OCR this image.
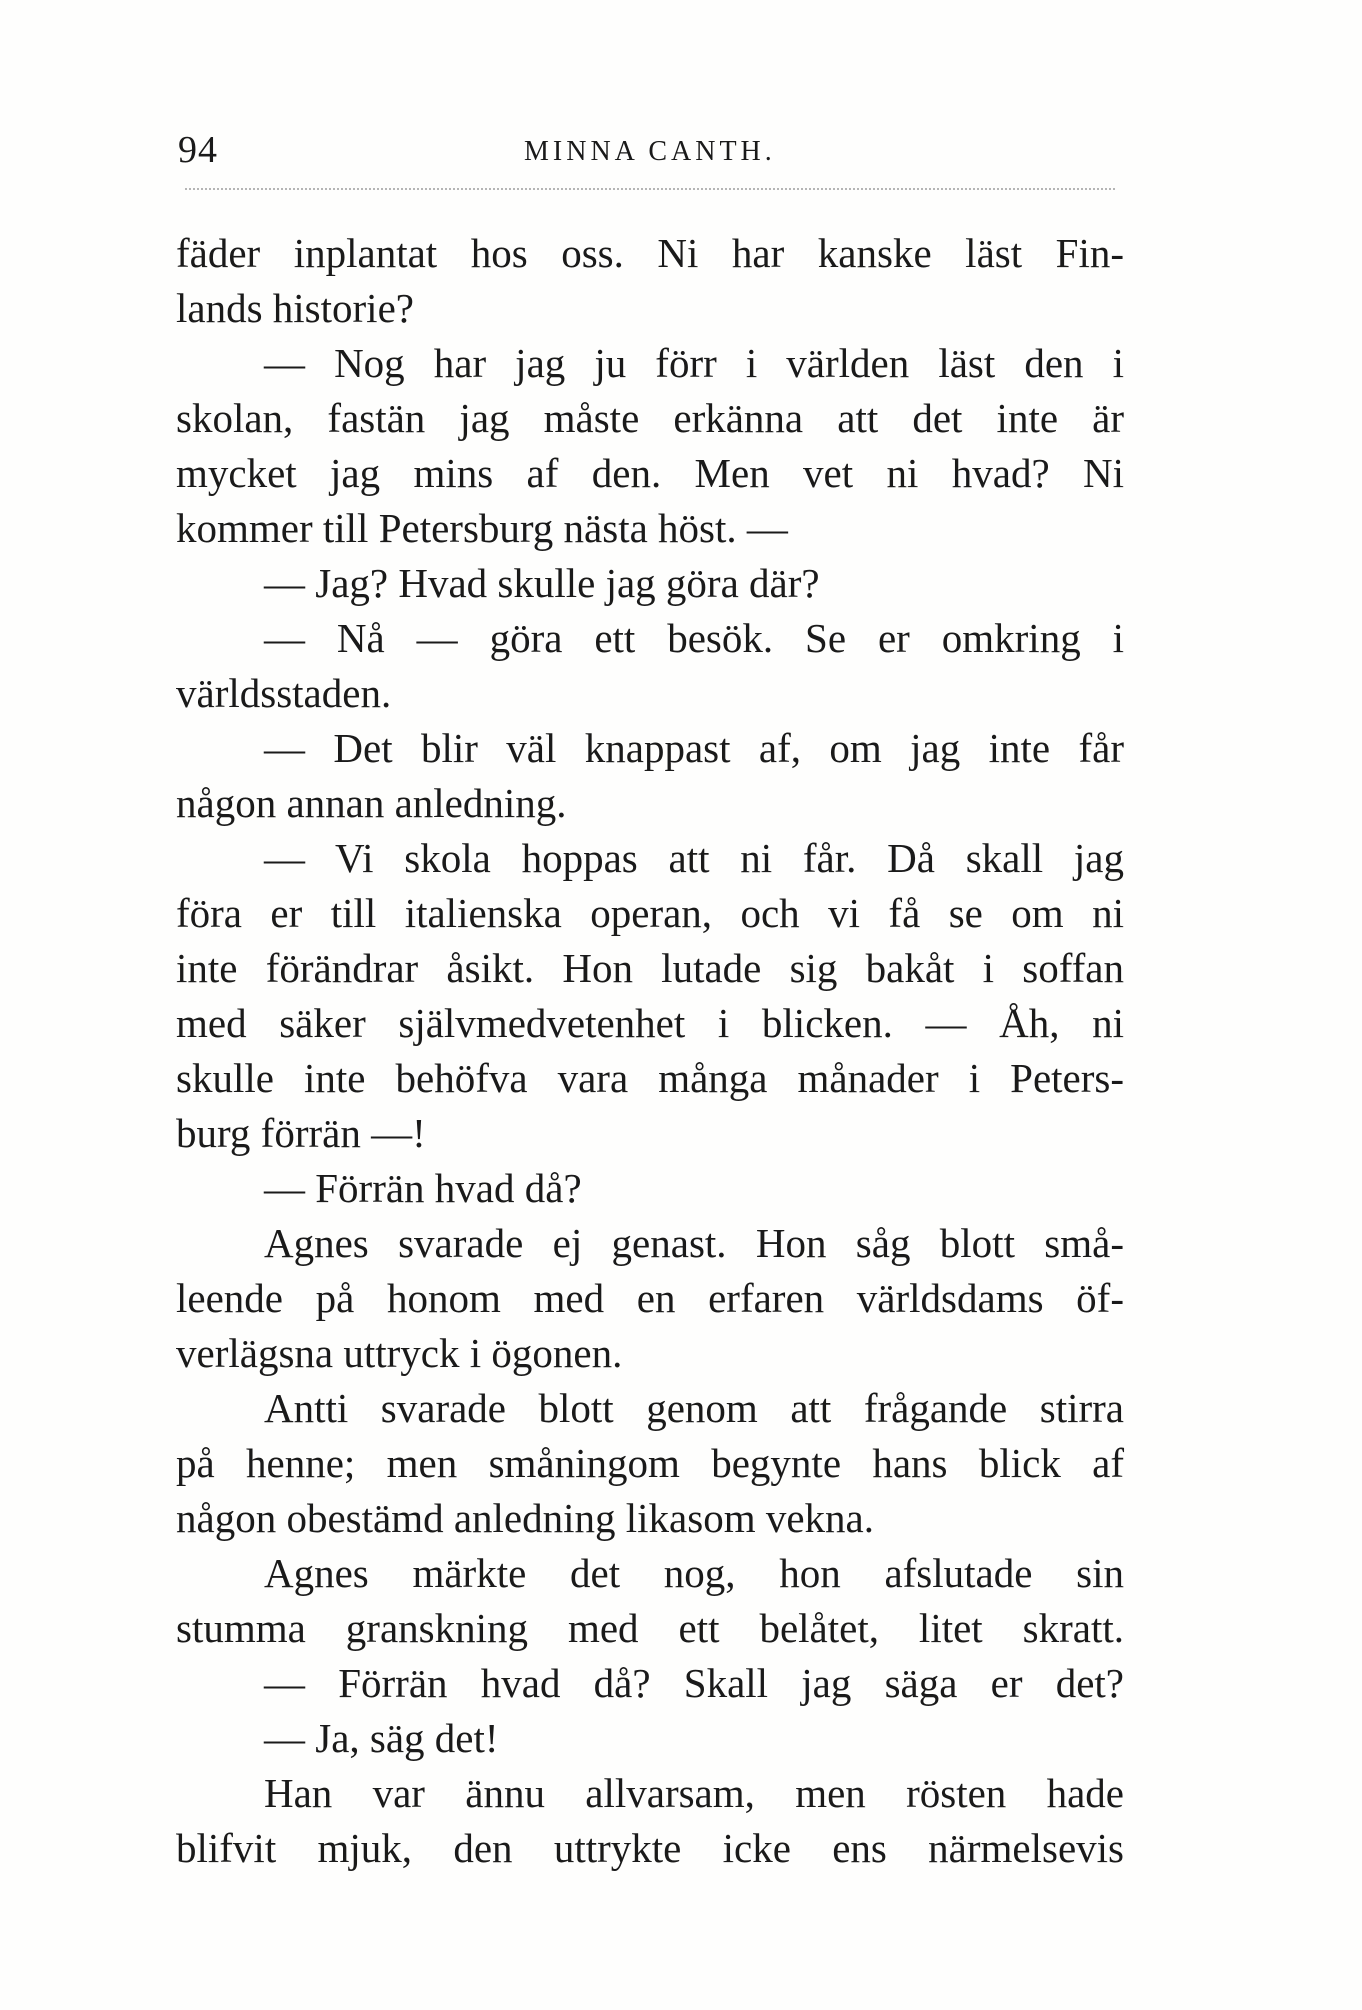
94	MINNA CANTH.
fäder inplantat hos oss. Ni har kanske läst Fin-
lands historie?
— Nog har jag ju förr i världen läst den i
skolan, fastän jag måste erkänna att det inte är
mycket jag mins af den. Men vet ni hvad? Ni
kommer till Petersburg nästa höst. —
— Jag? Hvad skulle jag göra där?
— Nå — göra ett besök. Se er omkring i
världsstaden.
— Det blir väl knappast af, om jag inte får
någon annan anledning.
— Vi skola hoppas att ni får. Då skall jag
föra er till italienska operan, och vi få se om ni
inte förändrar åsikt. Hon lutade sig bakåt i soffan
med säker självmedvetenhet i blicken. — Åh, ni
skulle inte behöfva vara många månader i Peters-
burg förrän —!
— Förrän hvad då?
Agnes svarade ej genast. Hon såg blott små-
leende på honom med en erfaren världsdams öf-
verlägsna uttryck i ögonen.
Antti svarade blott genom att frågande stirra
på henne; men småningom begynte hans blick af
någon obestämd anledning likasom vekna.
Agnes märkte det nog, hon afslutade sin
stumma granskning med ett belåtet, litet skratt.
— Förrän hvad då? Skall jag säga er det?
— Ja, säg det!
Han var ännu allvarsam, men rösten hade
blifvit mjuk, den uttrykte icke ens närmelsevis
